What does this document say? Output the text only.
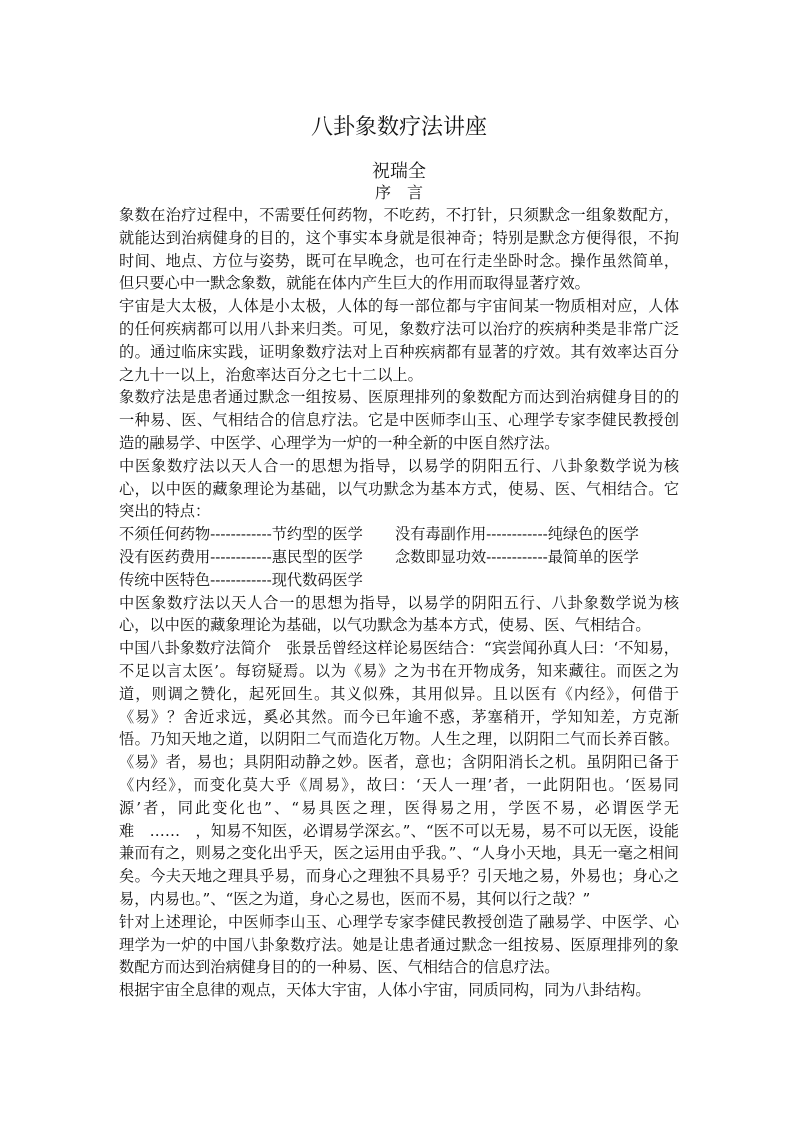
八卦象数疗法讲座
祝瑞全
序　言

象数在治疗过程中，不需要任何药物，不吃药，不打针，只须默念一组象数配方，就能达到治病健身的目的，这个事实本身就是很神奇；特别是默念方便得很，不拘时间、地点、方位与姿势，既可在早晚念，也可在行走坐卧时念。操作虽然简单，但只要心中一默念象数，就能在体内产生巨大的作用而取得显著疗效。

宇宙是大太极，人体是小太极，人体的每一部位都与宇宙间某一物质相对应，人体的任何疾病都可以用八卦来归类。可见，象数疗法可以治疗的疾病种类是非常广泛的。通过临床实践，证明象数疗法对上百种疾病都有显著的疗效。其有效率达百分之九十一以上，治愈率达百分之七十二以上。

象数疗法是患者通过默念一组按易、医原理排列的象数配方而达到治病健身目的的一种易、医、气相结合的信息疗法。它是中医师李山玉、心理学专家李健民教授创造的融易学、中医学、心理学为一炉的一种全新的中医自然疗法。

中医象数疗法以天人合一的思想为指导，以易学的阴阳五行、八卦象数学说为核心，以中医的藏象理论为基础，以气功默念为基本方式，使易、医、气相结合。它突出的特点：

不须任何药物------------节约型的医学	没有毒副作用------------纯绿色的医学
没有医药费用------------惠民型的医学	念数即显功效------------最简单的医学
传统中医特色------------现代数码医学

中医象数疗法以天人合一的思想为指导，以易学的阴阳五行、八卦象数学说为核心，以中医的藏象理论为基础，以气功默念为基本方式，使易、医、气相结合。

中国八卦象数疗法简介　张景岳曾经这样论易医结合：“宾尝闻孙真人曰：‘不知易，不足以言太医’。每窃疑焉。以为《易》之为书在开物成务，知来藏往。而医之为道，则调之赞化，起死回生。其义似殊，其用似异。且以医有《内经》，何借于《易》？舍近求远，奚必其然。而今已年逾不惑，茅塞稍开，学知知差，方克渐悟。乃知天地之道，以阴阳二气而造化万物。人生之理，以阴阳二气而长养百骸。《易》者，易也；具阴阳动静之妙。医者，意也；含阴阳消长之机。虽阴阳已备于《内经》，而变化莫大乎《周易》，故曰：‘天人一理’者，一此阴阳也。‘医易同源’者，同此变化也”、“易具医之理，医得易之用，学医不易，必谓医学无难　……　，知易不知医，必谓易学深玄。”、“医不可以无易，易不可以无医，设能兼而有之，则易之变化出乎天，医之运用由乎我。”、“人身小天地，具无一毫之相间矣。今夫天地之理具乎易，而身心之理独不具易乎？引天地之易，外易也；身心之易，内易也。”、“医之为道，身心之易也，医而不易，其何以行之哉？”

针对上述理论，中医师李山玉、心理学专家李健民教授创造了融易学、中医学、心理学为一炉的中国八卦象数疗法。她是让患者通过默念一组按易、医原理排列的象数配方而达到治病健身目的的一种易、医、气相结合的信息疗法。

根据宇宙全息律的观点，天体大宇宙，人体小宇宙，同质同构，同为八卦结构。
